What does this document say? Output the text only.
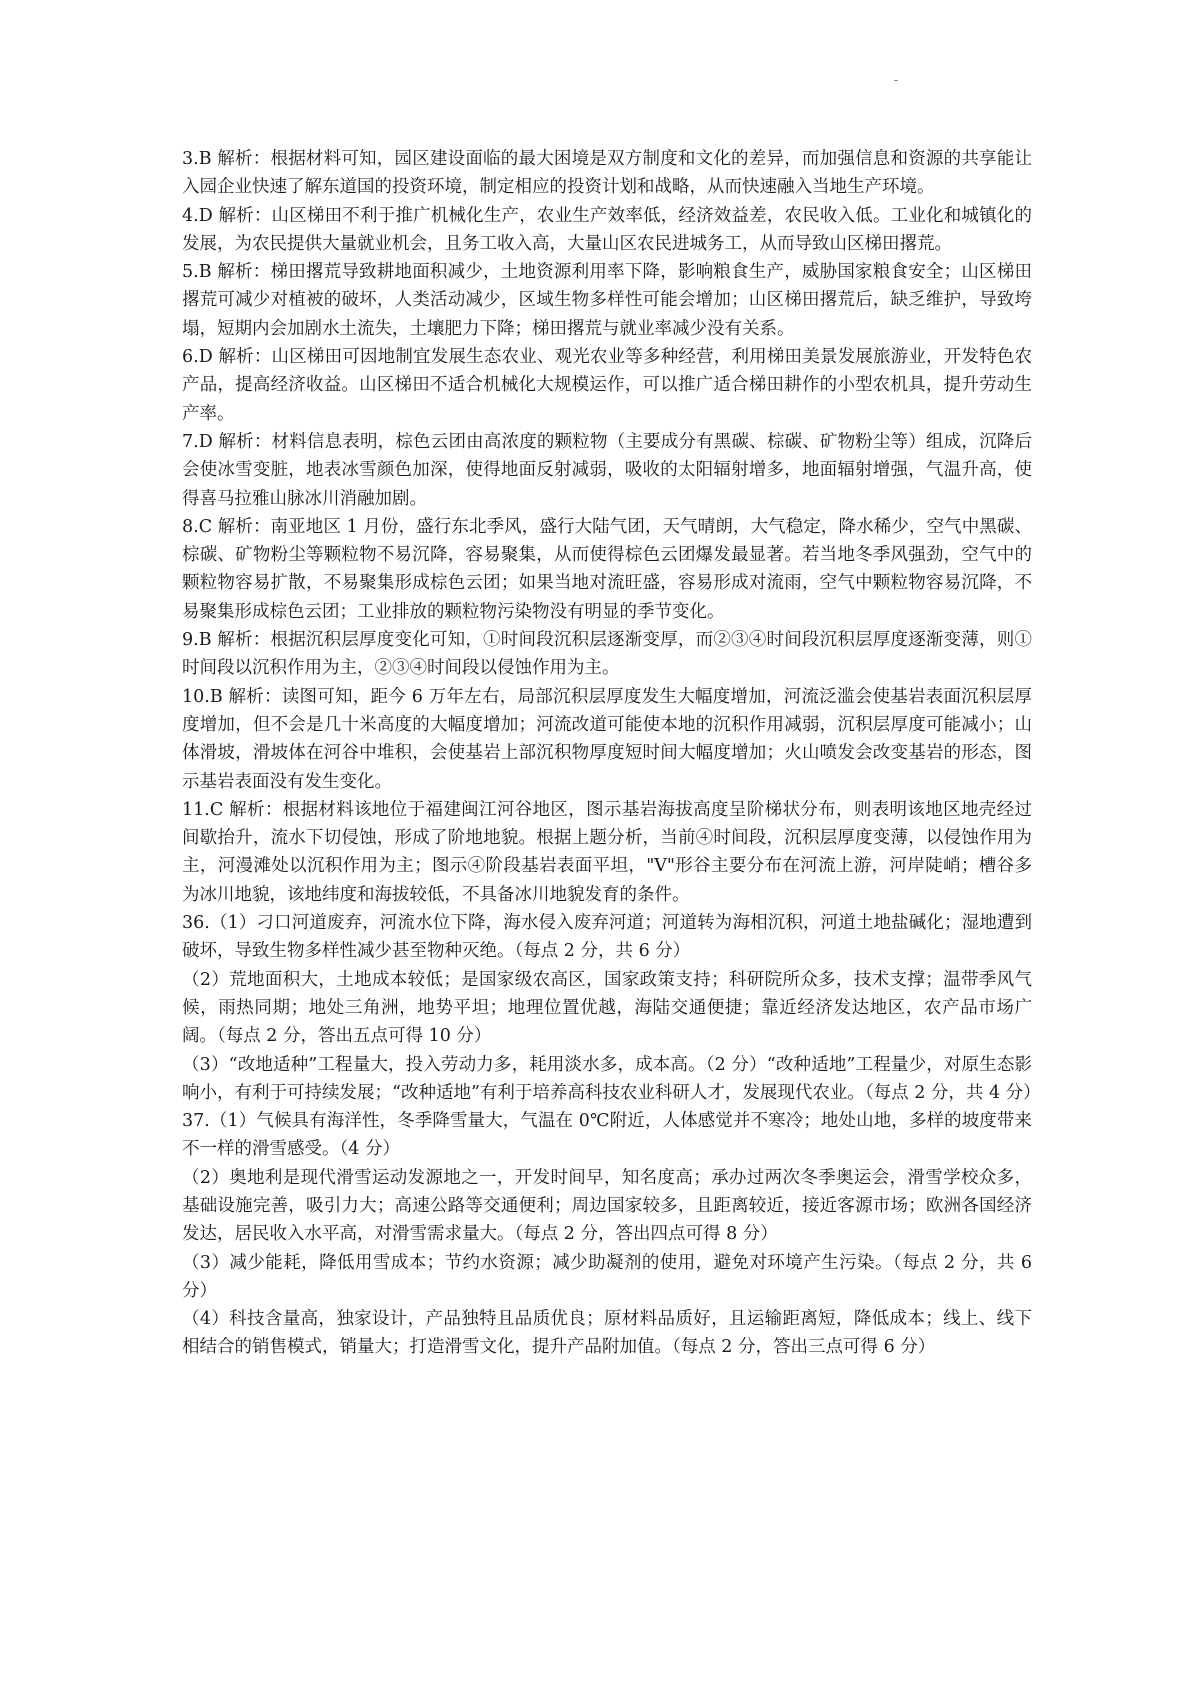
3.B 解析：根据材料可知，园区建设面临的最大困境是双方制度和文化的差异，而加强信息和资源的共享能让入园企业快速了解东道国的投资环境，制定相应的投资计划和战略，从而快速融入当地生产环境。

4.D 解析：山区梯田不利于推广机械化生产，农业生产效率低，经济效益差，农民收入低。工业化和城镇化的发展，为农民提供大量就业机会，且务工收入高，大量山区农民进城务工，从而导致山区梯田撂荒。

5.B 解析：梯田撂荒导致耕地面积减少，土地资源利用率下降，影响粮食生产，威胁国家粮食安全；山区梯田撂荒可减少对植被的破坏，人类活动减少，区域生物多样性可能会增加；山区梯田撂荒后，缺乏维护，导致垮塌，短期内会加剧水土流失，土壤肥力下降；梯田撂荒与就业率减少没有关系。

6.D 解析：山区梯田可因地制宜发展生态农业、观光农业等多种经营，利用梯田美景发展旅游业，开发特色农产品，提高经济收益。山区梯田不适合机械化大规模运作，可以推广适合梯田耕作的小型农机具，提升劳动生产率。

7.D 解析：材料信息表明，棕色云团由高浓度的颗粒物（主要成分有黑碳、棕碳、矿物粉尘等）组成，沉降后会使冰雪变脏，地表冰雪颜色加深，使得地面反射减弱，吸收的太阳辐射增多，地面辐射增强，气温升高，使得喜马拉雅山脉冰川消融加剧。

8.C 解析：南亚地区 1 月份，盛行东北季风，盛行大陆气团，天气晴朗，大气稳定，降水稀少，空气中黑碳、棕碳、矿物粉尘等颗粒物不易沉降，容易聚集，从而使得棕色云团爆发最显著。若当地冬季风强劲，空气中的颗粒物容易扩散，不易聚集形成棕色云团；如果当地对流旺盛，容易形成对流雨，空气中颗粒物容易沉降，不易聚集形成棕色云团；工业排放的颗粒物污染物没有明显的季节变化。

9.B 解析：根据沉积层厚度变化可知，①时间段沉积层逐渐变厚，而②③④时间段沉积层厚度逐渐变薄，则①时间段以沉积作用为主，②③④时间段以侵蚀作用为主。

10.B 解析：读图可知，距今 6 万年左右，局部沉积层厚度发生大幅度增加，河流泛滥会使基岩表面沉积层厚度增加，但不会是几十米高度的大幅度增加；河流改道可能使本地的沉积作用减弱，沉积层厚度可能减小；山体滑坡，滑坡体在河谷中堆积，会使基岩上部沉积物厚度短时间大幅度增加；火山喷发会改变基岩的形态，图示基岩表面没有发生变化。

11.C 解析：根据材料该地位于福建闽江河谷地区，图示基岩海拔高度呈阶梯状分布，则表明该地区地壳经过间歇抬升，流水下切侵蚀，形成了阶地地貌。根据上题分析，当前④时间段，沉积层厚度变薄，以侵蚀作用为主，河漫滩处以沉积作用为主；图示④阶段基岩表面平坦，"V"形谷主要分布在河流上游，河岸陡峭；槽谷多为冰川地貌，该地纬度和海拔较低，不具备冰川地貌发育的条件。

36.（1）刁口河道废弃，河流水位下降，海水侵入废弃河道；河道转为海相沉积，河道土地盐碱化；湿地遭到破坏，导致生物多样性减少甚至物种灭绝。（每点 2 分，共 6 分）

（2）荒地面积大，土地成本较低；是国家级农高区，国家政策支持；科研院所众多，技术支撑；温带季风气候，雨热同期；地处三角洲，地势平坦；地理位置优越，海陆交通便捷；靠近经济发达地区，农产品市场广阔。（每点 2 分，答出五点可得 10 分）

（3）“改地适种”工程量大，投入劳动力多，耗用淡水多，成本高。（2 分）“改种适地”工程量少，对原生态影响小，有利于可持续发展；“改种适地”有利于培养高科技农业科研人才，发展现代农业。（每点 2 分，共 4 分）

37.（1）气候具有海洋性，冬季降雪量大，气温在 0℃附近，人体感觉并不寒冷；地处山地，多样的坡度带来不一样的滑雪感受。（4 分）

（2）奥地利是现代滑雪运动发源地之一，开发时间早，知名度高；承办过两次冬季奥运会，滑雪学校众多，基础设施完善，吸引力大；高速公路等交通便利；周边国家较多，且距离较近，接近客源市场；欧洲各国经济发达，居民收入水平高，对滑雪需求量大。（每点 2 分，答出四点可得 8 分）

（3）减少能耗，降低用雪成本；节约水资源；减少助凝剂的使用，避免对环境产生污染。（每点 2 分，共 6 分）

（4）科技含量高，独家设计，产品独特且品质优良；原材料品质好，且运输距离短，降低成本；线上、线下相结合的销售模式，销量大；打造滑雪文化，提升产品附加值。（每点 2 分，答出三点可得 6 分）
